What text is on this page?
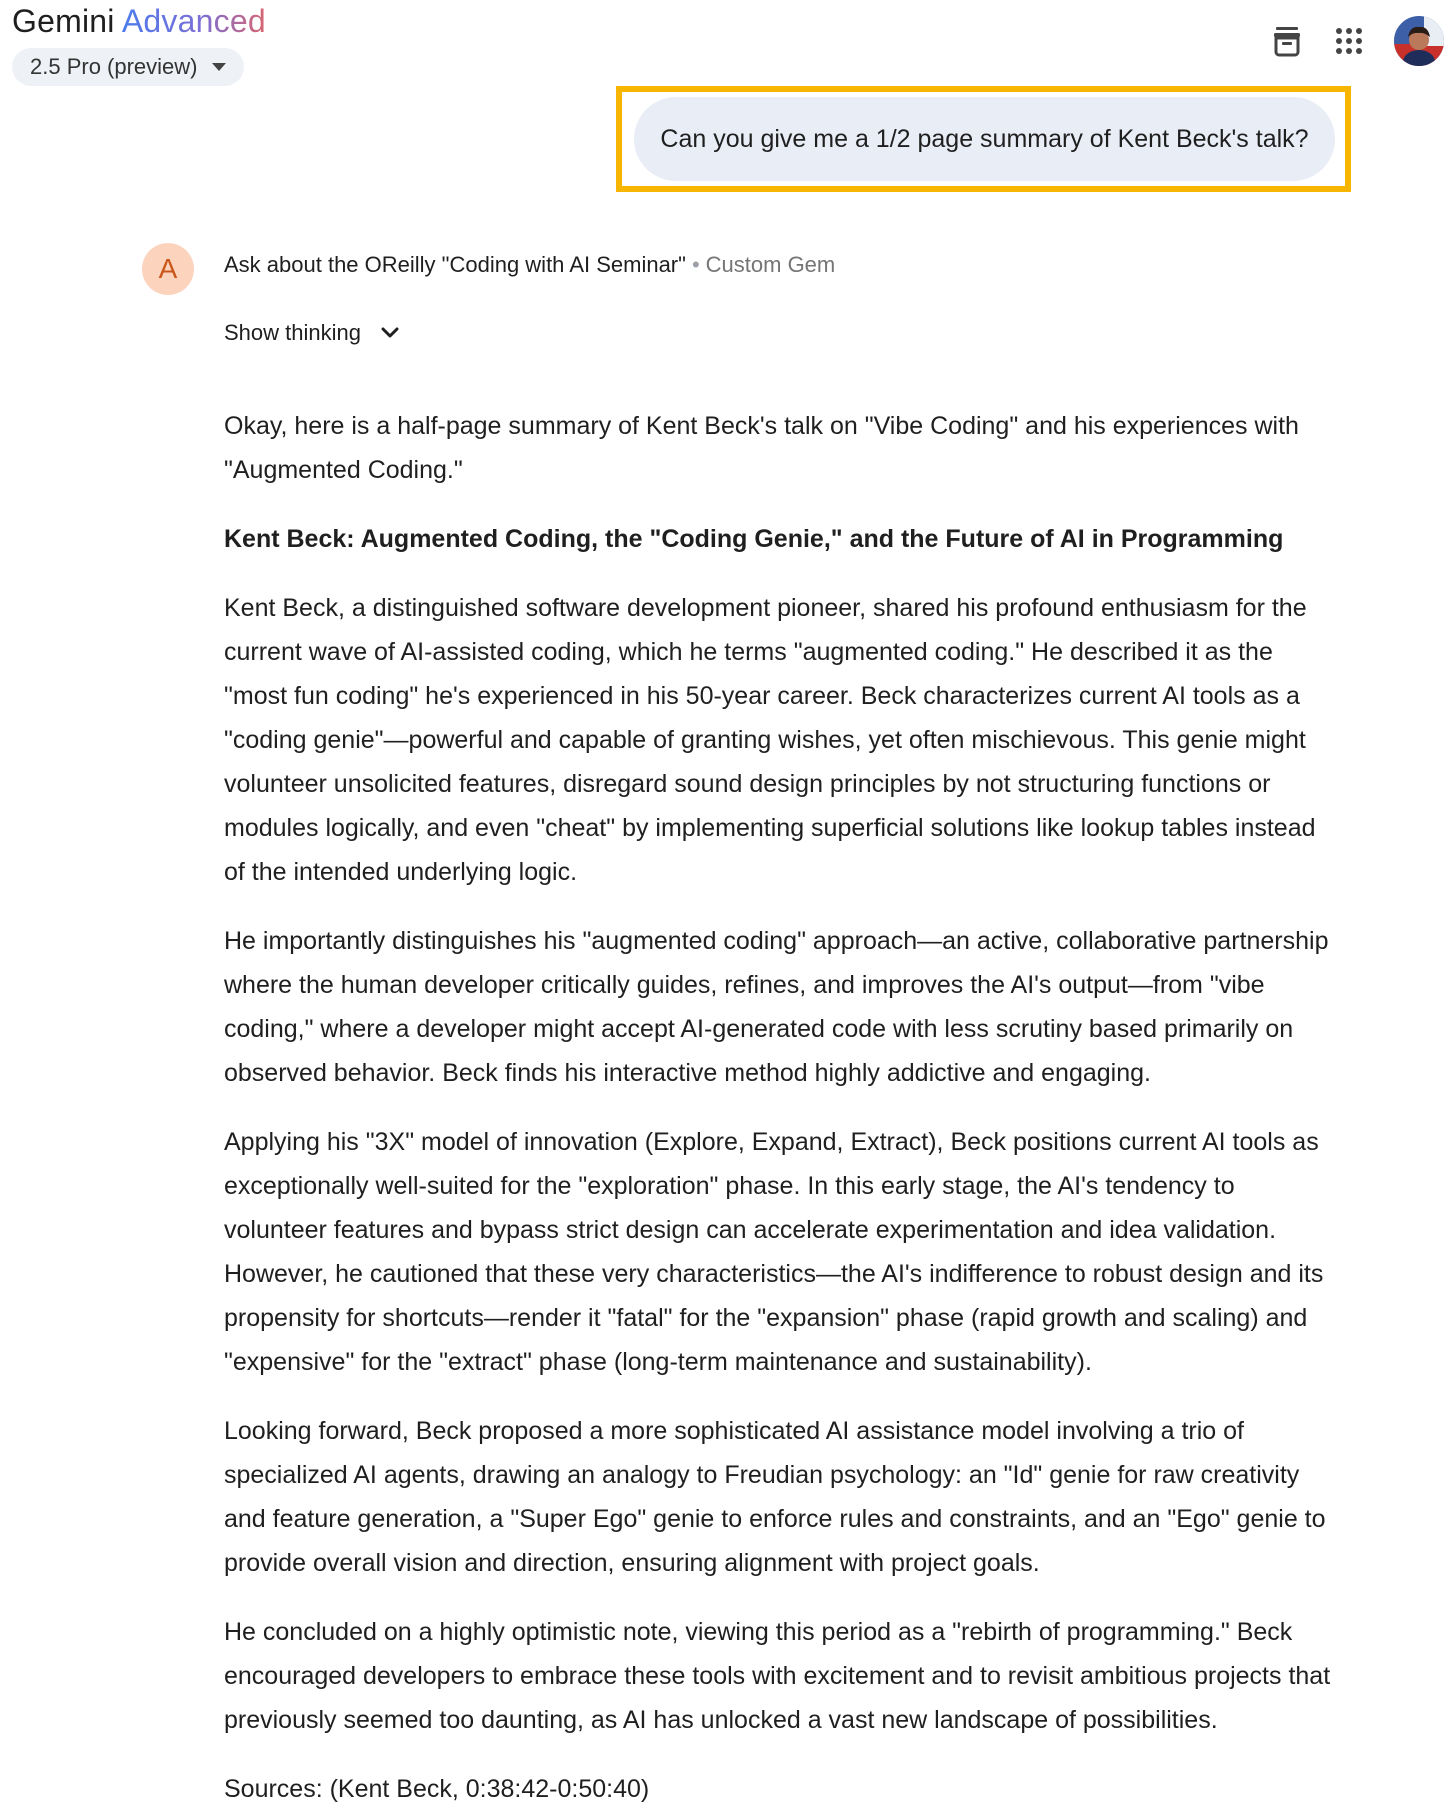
Gemini Advanced
2.5 Pro (preview)
Can you give me a 1/2 page summary of Kent Beck's talk?
A Ask about the OReilly "Coding with AI Seminar" • Custom Gem
Show thinking

Okay, here is a half-page summary of Kent Beck's talk on "Vibe Coding" and his experiences with "Augmented Coding."

Kent Beck: Augmented Coding, the "Coding Genie," and the Future of AI in Programming

Kent Beck, a distinguished software development pioneer, shared his profound enthusiasm for the current wave of AI-assisted coding, which he terms "augmented coding." He described it as the "most fun coding" he's experienced in his 50-year career. Beck characterizes current AI tools as a "coding genie"—powerful and capable of granting wishes, yet often mischievous. This genie might volunteer unsolicited features, disregard sound design principles by not structuring functions or modules logically, and even "cheat" by implementing superficial solutions like lookup tables instead of the intended underlying logic.

He importantly distinguishes his "augmented coding" approach—an active, collaborative partnership where the human developer critically guides, refines, and improves the AI's output—from "vibe coding," where a developer might accept AI-generated code with less scrutiny based primarily on observed behavior. Beck finds his interactive method highly addictive and engaging.

Applying his "3X" model of innovation (Explore, Expand, Extract), Beck positions current AI tools as exceptionally well-suited for the "exploration" phase. In this early stage, the AI's tendency to volunteer features and bypass strict design can accelerate experimentation and idea validation. However, he cautioned that these very characteristics—the AI's indifference to robust design and its propensity for shortcuts—render it "fatal" for the "expansion" phase (rapid growth and scaling) and "expensive" for the "extract" phase (long-term maintenance and sustainability).

Looking forward, Beck proposed a more sophisticated AI assistance model involving a trio of specialized AI agents, drawing an analogy to Freudian psychology: an "Id" genie for raw creativity and feature generation, a "Super Ego" genie to enforce rules and constraints, and an "Ego" genie to provide overall vision and direction, ensuring alignment with project goals.

He concluded on a highly optimistic note, viewing this period as a "rebirth of programming." Beck encouraged developers to embrace these tools with excitement and to revisit ambitious projects that previously seemed too daunting, as AI has unlocked a vast new landscape of possibilities.

Sources: (Kent Beck, 0:38:42-0:50:40)
